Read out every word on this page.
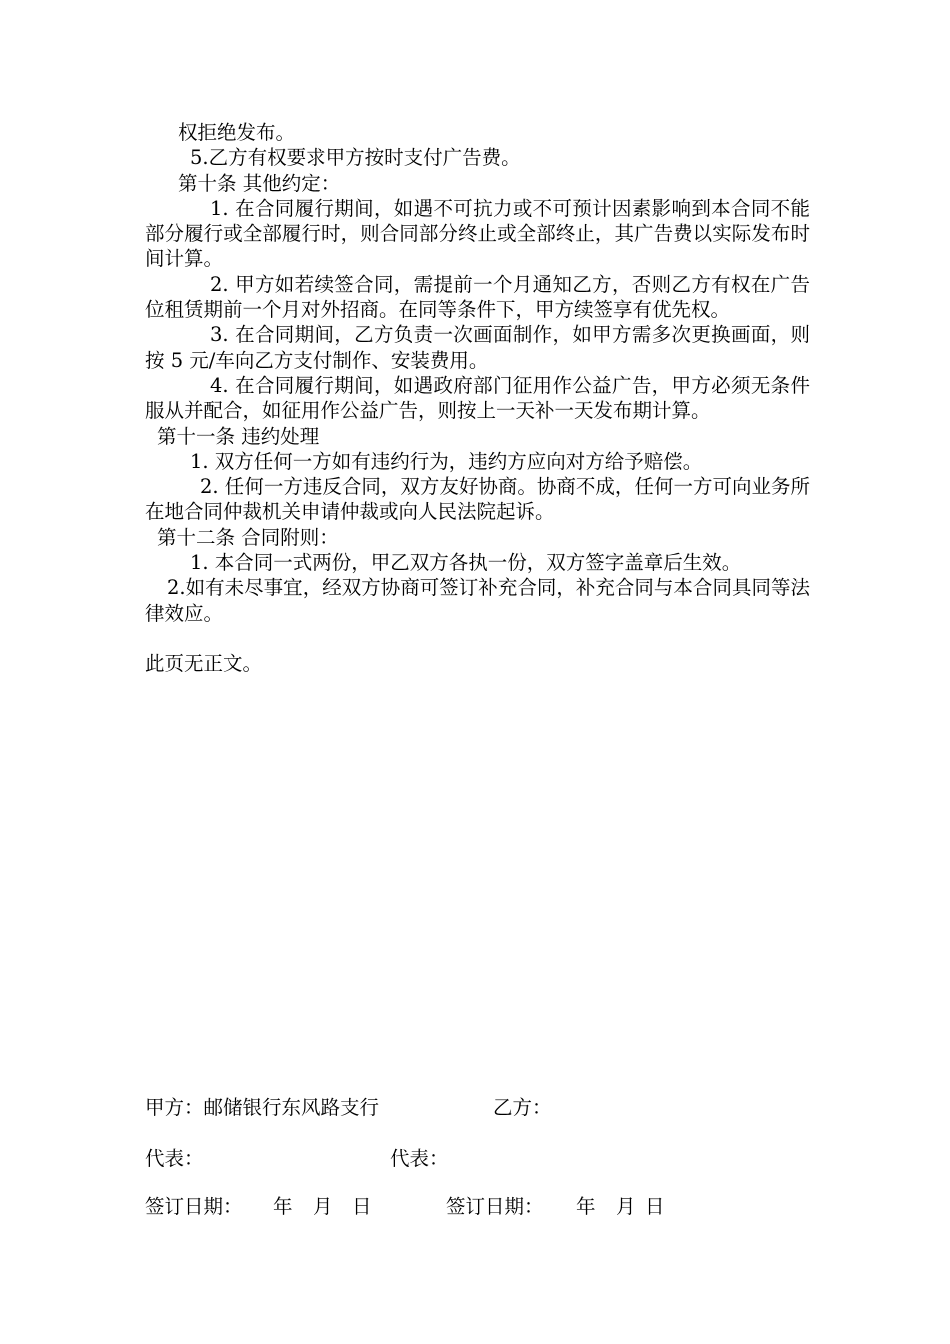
权拒绝发布。

5.乙方有权要求甲方按时支付广告费。

第十条 其他约定：

1. 在合同履行期间，如遇不可抗力或不可预计因素影响到本合同不能部分履行或全部履行时，则合同部分终止或全部终止，其广告费以实际发布时间计算。

2. 甲方如若续签合同，需提前一个月通知乙方，否则乙方有权在广告位租赁期前一个月对外招商。在同等条件下，甲方续签享有优先权。

3. 在合同期间，乙方负责一次画面制作，如甲方需多次更换画面，则按 5 元/车向乙方支付制作、安装费用。

4. 在合同履行期间，如遇政府部门征用作公益广告，甲方必须无条件服从并配合，如征用作公益广告，则按上一天补一天发布期计算。

第十一条 违约处理

1. 双方任何一方如有违约行为，违约方应向对方给予赔偿。

2. 任何一方违反合同，双方友好协商。协商不成，任何一方可向业务所在地合同仲裁机关申请仲裁或向人民法院起诉。

第十二条 合同附则：

1. 本合同一式两份，甲乙双方各执一份，双方签字盖章后生效。

2.如有未尽事宜，经双方协商可签订补充合同，补充合同与本合同具同等法律效应。

此页无正文。

甲方：邮储银行东风路支行	乙方：
代表：	代表：
签订日期： 年 月 日	签订日期： 年 月 日
